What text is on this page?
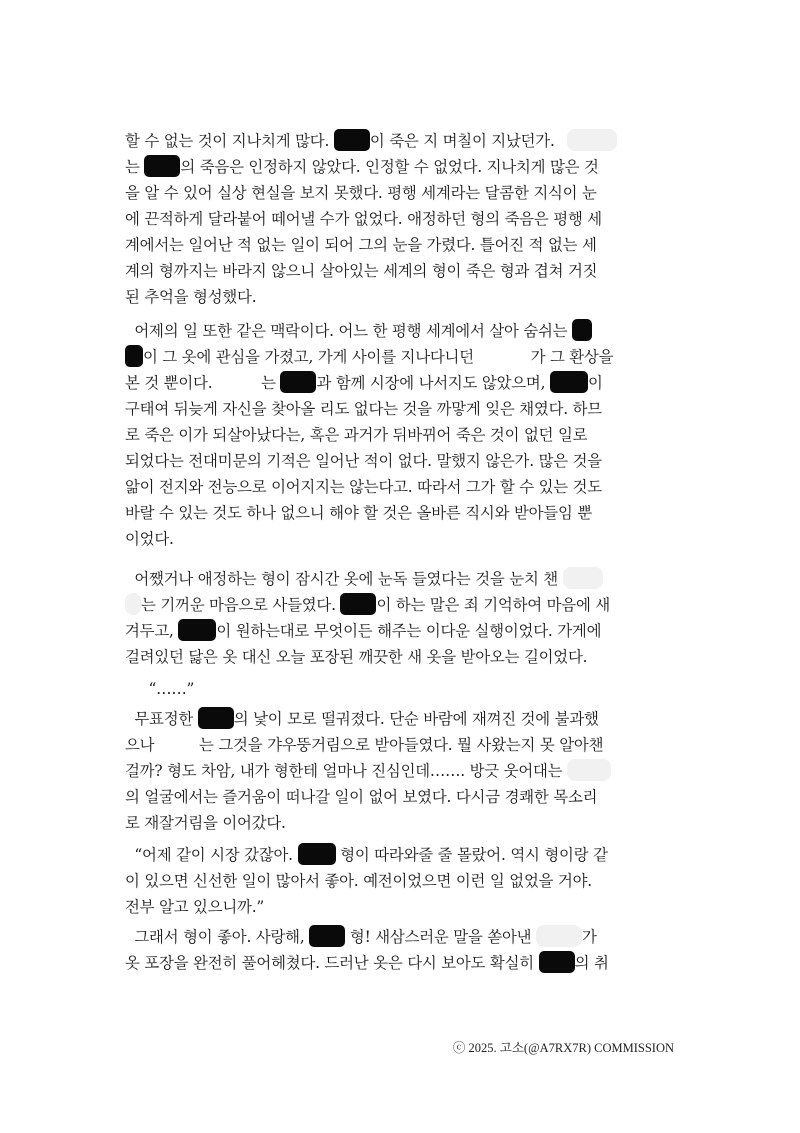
할 수 없는 것이 지나치게 많다. 이 죽은 지 며칠이 지났던가.
는 의 죽음은 인정하지 않았다. 인정할 수 없었다. 지나치게 많은 것
을 알 수 있어 실상 현실을 보지 못했다. 평행 세계라는 달콤한 지식이 눈
에 끈적하게 달라붙어 떼어낼 수가 없었다. 애정하던 형의 죽음은 평행 세
계에서는 일어난 적 없는 일이 되어 그의 눈을 가렸다. 틀어진 적 없는 세
계의 형까지는 바라지 않으니 살아있는 세계의 형이 죽은 형과 겹쳐 거짓
된 추억을 형성했다.
어제의 일 또한 같은 맥락이다. 어느 한 평행 세계에서 살아 숨쉬는
이 그 옷에 관심을 가졌고, 가게 사이를 지나다니던	가 그 환상을
본 것 뿐이다.	는 과 함께 시장에 나서지도 않았으며, 이
구태여 뒤늦게 자신을 찾아올 리도 없다는 것을 까맣게 잊은 채였다. 하므
로 죽은 이가 되살아났다는, 혹은 과거가 뒤바뀌어 죽은 것이 없던 일로
되었다는 전대미문의 기적은 일어난 적이 없다. 말했지 않은가. 많은 것을
앎이 전지와 전능으로 이어지지는 않는다고. 따라서 그가 할 수 있는 것도
바랄 수 있는 것도 하나 없으니 해야 할 것은 올바른 직시와 받아들임 뿐
이었다.
어쨌거나 애정하는 형이 잠시간 옷에 눈독 들였다는 것을 눈치 챈
는 기꺼운 마음으로 사들였다. 이 하는 말은 죄 기억하여 마음에 새
겨두고, 이 원하는대로 무엇이든 해주는 이다운 실행이었다. 가게에
걸려있던 닳은 옷 대신 오늘 포장된 깨끗한 새 옷을 받아오는 길이었다.
“……”
무표정한 의 낯이 모로 떨궈졌다. 단순 바람에 재껴진 것에 불과했
으나	는 그것을 갸우뚱거림으로 받아들였다. 뭘 사왔는지 못 알아챈
걸까? 형도 차암, 내가 형한테 얼마나 진심인데……. 방긋 웃어대는
의 얼굴에서는 즐거움이 떠나갈 일이 없어 보였다. 다시금 경쾌한 목소리
로 재잘거림을 이어갔다.
“어제 같이 시장 갔잖아.  형이 따라와줄 줄 몰랐어. 역시 형이랑 같
이 있으면 신선한 일이 많아서 좋아. 예전이었으면 이런 일 없었을 거야.
전부 알고 있으니까.”
그래서 형이 좋아. 사랑해,  형! 새삼스러운 말을 쏟아낸	가
옷 포장을 완전히 풀어헤쳤다. 드러난 옷은 다시 보아도 확실히 의 취
ⓒ 2025. 고소(@A7RX7R) COMMISSION
